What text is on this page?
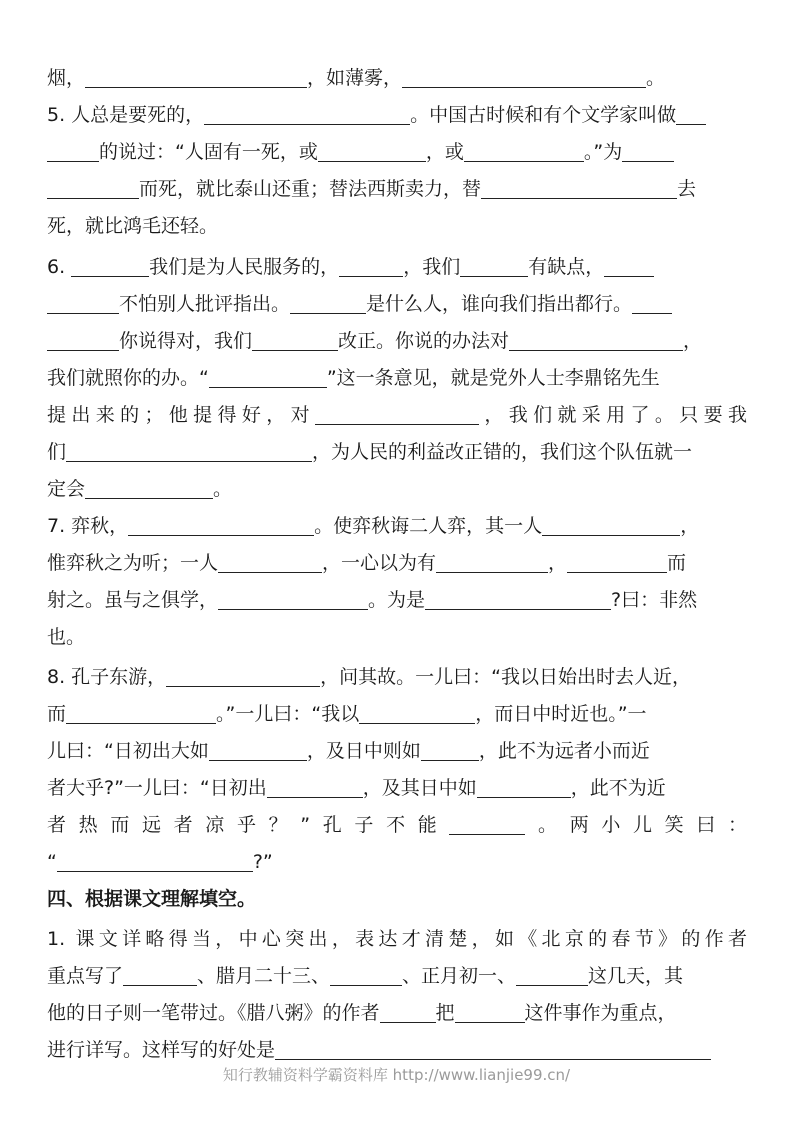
烟，	，如薄雾，	。
5. 人总是要死的，	。中国古时候和有个文学家叫做
的说过：“人固有一死，或	，或	。”为
而死，就比泰山还重；替法西斯卖力，替	去
死，就比鸿毛还轻。
6.	我们是为人民服务的，	，我们	有缺点，
不怕别人批评指出。	是什么人，谁向我们指出都行。
你说得对，我们	改正。你说的办法对	，
我们就照你的办。“	”这一条意见，就是党外人士李鼎铭先生
提出来的；他提得好，对	，我们就采用了。只要我
们	，为人民的利益改正错的，我们这个队伍就一
定会	。
7. 弈秋，	。使弈秋诲二人弈，其一人	，
惟弈秋之为听；一人	，一心以为有	，	而
射之。虽与之俱学，	。为是	?曰：非然
也。
8. 孔子东游，	，问其故。一儿曰：“我以日始出时去人近，
而	。”一儿曰：“我以	，而日中时近也。”一
儿曰：“日初出大如	，及日中则如	，此不为远者小而近
者大乎?”一儿曰：“日初出	，及其日中如	，此不为近
者热而远者凉乎？”孔子不能	。两小儿笑曰：
“	?”
四、根据课文理解填空。
1. 课文详略得当，中心突出，表达才清楚，如《北京的春节》的作者
重点写了	、腊月二十三、	、正月初一、	这几天，其
他的日子则一笔带过。《腊八粥》的作者	把	这件事作为重点，
进行详写。这样写的好处是
知行教辅资料学霸资料库 http://www.lianjie99.cn/
